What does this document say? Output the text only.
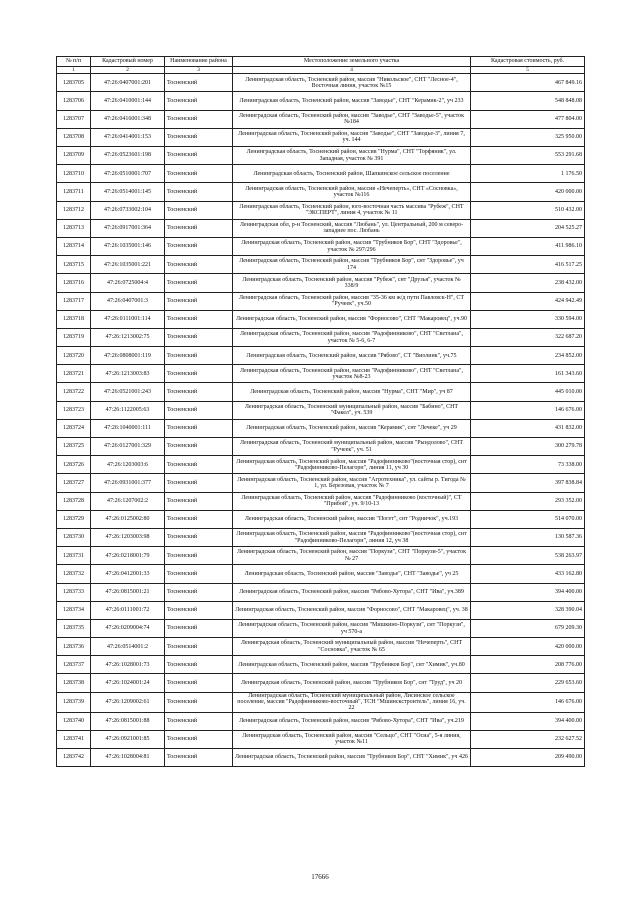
№ п/п	Кадастровый номер	Наименование района	Местоположение земельного участка	Кадастровая стоимость, руб.
1	2	3	4	5
1283705	47:26:0407001:201	Тосненский	Ленинградская область, Тосненский район, массив "Никольское", СНТ "Лесное-4", Восточная линия, участок №15	467 849.16
1283706	47:26:0410001:144	Тосненский	Ленинградская область, Тосненский район, массив "Заводье", СНТ "Керамик-2", уч 233	548 848.08
1283707	47:26:0416001:348	Тосненский	Ленинградская область, Тосненский район, массив "Заводье", СНТ "Заводье-5", участок №184	477 804.00
1283708	47:26:0414001:153	Тосненский	Ленинградская область, Тосненский район, массив "Заводье", СНТ "Заводье-3", линия 7, уч. 144	325 950.00
1283709	47:26:0523601:198	Тосненский	Ленинградская область, Тосненский район, массив "Нурма", СНТ "Торфяник", ул. Западная, участок № 391	553 291.68
1283710	47:26:0510001:707	Тосненский	Ленинградская область, Тосненский район, Шапкинское сельское поселение	1 176.50
1283711	47:26:0514001:145	Тосненский	Ленинградская область, Тосненский район, массив «Нечеперть», СНТ «Сосновка», участок №116	420 000.00
1283712	47:26:0733002:104	Тосненский	Ленинградская область, Тосненский район, юго-восточная часть массива "Рубеж", СНТ "ЭКСПЕРТ", линия 4, участок № 11	510 432.00
1283713	47:26:0917001:364	Тосненский	Ленинградская обл, р-н Тосненский, массив "Любань", ул. Центральный, 200 м северо-западнее пос. Любань	204 525.27
1283714	47:26:1035001:146	Тосненский	Ленинградская область, Тосненский район, массив "Трубников Бор", СНТ "Здоровье", участок № 297/296	411 986.10
1283715	47:26:1035001:221	Тосненский	Ленинградская область, Тосненский район, массив "Трубников Бор", снт "Здоровье", уч 174	416 517.25
1283716	47:26:0725004:4	Тосненский	Ленинградская область, Тосненский район, массив "Рубеж", снт "Друзья", участок № 338/9	238 432.00
1283717	47:26:0407001:3	Тосненский	Ленинградская область, Тосненский район, массив "35-36 км ж/д пути Павловск-Н", СТ "Ручеек", уч.50	424 942.49
1283718	47:26:0111001:114	Тосненский	Ленинградская область, Тосненский район, массив "Форносово", СНТ "Макаровец", уч.90	330 594.00
1283719	47:26:1213002:75	Тосненский	Ленинградская область, Тосненский район, массив "Радофинниково", СНТ "Светлана", участок № 5-6, 6-7	322 687.20
1283720	47:26:0808001:119	Тосненский	Ленинградская область, Тосненский район, массив "Рябово", СТ "Виолинк", уч.75	234 852.00
1283721	47:26:1213003:83	Тосненский	Ленинградская область, Тосненский район, массив "Радофинниково", СНТ "Светлана", участок №8-23	161 343.60
1283722	47:26:0521001:243	Тосненский	Ленинградская область, Тосненский район, массив "Нурма", СНТ "Мир", уч 87	445 010.00
1283723	47:26:1122005:63	Тосненский	Ленинградская область, Тосненский муниципальный район, массив "Бабино", СНТ "Факел", уч. 539	146 676.00
1283724	47:26:1040001:111	Тосненский	Ленинградская область, Тосненский район, массив "Керамик", снт "Лечеке", уч 29	431 832.00
1283725	47:26:0127001:329	Тосненский	Ленинградская область, Тосненский муниципальный район, массив "Рындолово", СНТ "Ручеек", уч. 51	300 279.78
1283726	47:26:1203003:6	Тосненский	Ленинградская область, Тосненский район, массив "Радофинниково"(восточная стор), снт "Радофинниково-Пелагорн", линия 11, уч 30	73 338.00
1283727	47:26:0931001:377	Тосненский	Ленинградская область, Тосненский район, массив "Агротехника", ул. сайты р. Тигода № 1, ул. Березовая, участок № 7	397 838.84
1283728	47:26:1207002:2	Тосненский	Ленинградская область, Тосненский район, массив "Радофинниково (восточный)", СТ "Прибой", уч. 9/10-13	293 352.00
1283729	47:26:0125002:80	Тосненский	Ленинградская область, Тосненский район, массив "Погет", снт "Родничок", уч.193	514 070.00
1283730	47:26:1203003:98	Тосненский	Ленинградская область, Тосненский район, массив "Радофинниково"(восточная стор), снт "Радофинниково-Пелагорн", линия 12, уч 38	130 587.36
1283731	47:26:0218001:79	Тосненский	Ленинградская область, Тосненский район, массив "Поркузи", СНТ "Поркузи-5", участок № 27	538 263.97
1283732	47:26:0412001:33	Тосненский	Ленинградская область, Тосненский район, массив "Заводье", СНТ "Заводье", уч 25	433 162.80
1283733	47:26:0815001:21	Тосненский	Ленинградская область, Тосненский район, массив "Рябово-Хутора", СНТ "Ива", уч.389	394 400.00
1283734	47:26:0111001:72	Тосненский	Ленинградская область, Тосненский район, массив "Форносово", СНТ "Макаровец", уч. 38	328 390.04
1283735	47:26:0209004:74	Тосненский	Ленинградская область, Тосненский район, массив "Мишкино-Поркузи", снт "Поркузи", уч 570-а	679 209.30
1283736	47:26:0514001:2	Тосненский	Ленинградская область, Тосненский муниципальный район, массив "Нечеперть", СНТ "Сосновка", участок № 65	420 000.00
1283737	47:26:1028001:73	Тосненский	Ленинградская область, Тосненский район, массив "Трубников Бор", снт "Химик", уч.80	208 776.00
1283738	47:26:1024001:24	Тосненский	Ленинградская область, Тосненский район, массив "Трубников Бор", снт "Труд", уч 20	229 653.60
1283739	47:26:1209002:61	Тосненский	Ленинградская область, Тосненский муниципальный район, Лисинское сельское поселение, массив "Радофинниково-восточный", ТСН "Мшинскстроитель", линия 16, уч. 22	146 676.00
1283740	47:26:0815001:88	Тосненский	Ленинградская область, Тосненский район, массив "Рябово-Хутора", СНТ "Ива", уч.219	394 400.00
1283741	47:26:0921001:85	Тосненский	Ленинградская область, Тосненский район, массив "Сельцо", СНТ "Осиа", 5-я линия, участок №11	232 627.52
1283742	47:26:1028004:81	Тосненский	Ленинградская область, Тосненский район, массив "Трубников Бор", СНТ "Химик", уч 426	209 490.00
17666
